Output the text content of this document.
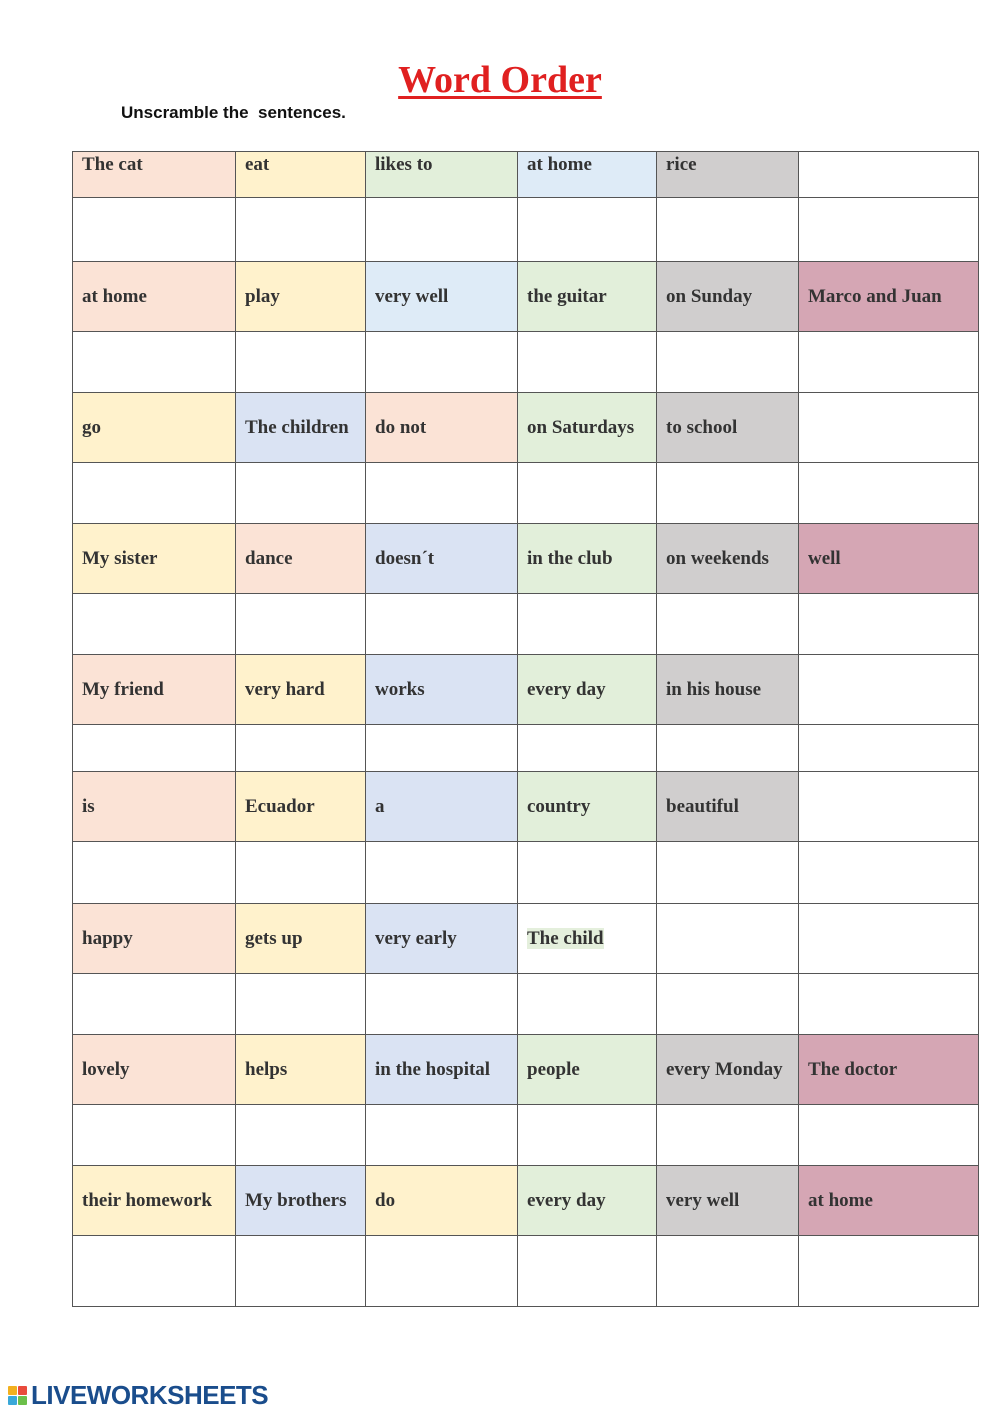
Word Order
Unscramble the  sentences.
The cat	eat	likes to	at home	rice	

at home	play	very well	the guitar	on Sunday	Marco and Juan

go	The children	do not	on Saturdays	to school	

My sister	dance	doesn´t	in the club	on weekends	well

My friend	very hard	works	every day	in his house	

is	Ecuador	a	country	beautiful	

happy	gets up	very early	The child		

lovely	helps	in the hospital	people	every Monday	The doctor

their homework	My brothers	do	every day	very well	at home

LIVEWORKSHEETS
